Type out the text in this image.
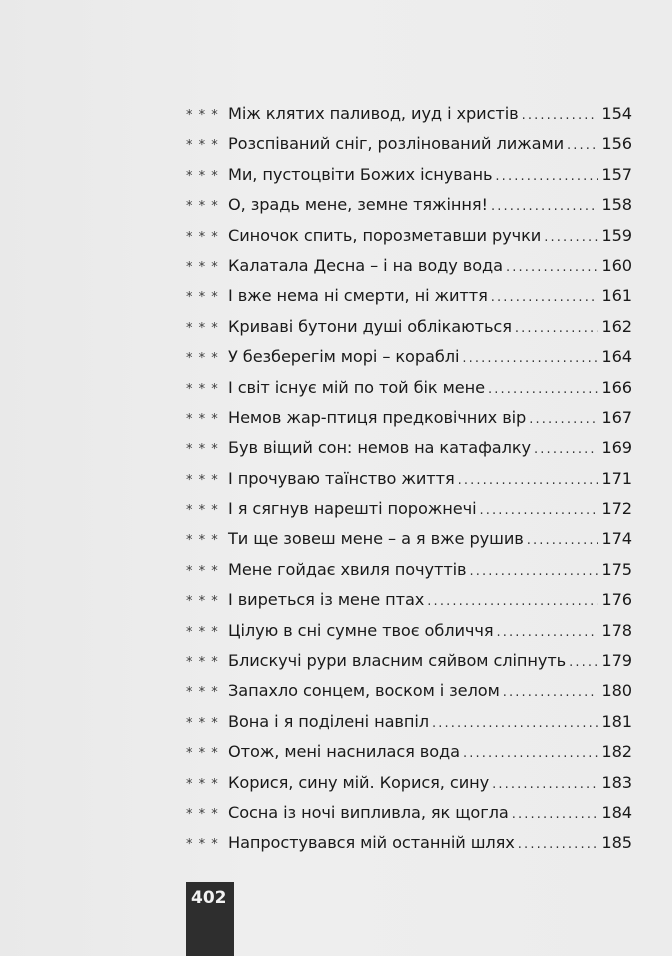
* * * Між клятих паливод, иуд і христів . . .	154
* * * Розспіваний сніг, розлінований лижами . . . 156
* * * Ми, пустоцвіти Божих існувань . . .	157
* * * О, зрадь мене, земне тяжіння! . . .	158
* * * Синочок спить, порозметавши ручки . . .	159
* * * Калатала Десна – і на воду вода . . .	160
* * * І вже нема ні смерти, ні життя . . .	161
* * * Криваві бутони душі облікаються . . .	162
* * * У безберегім морі – кораблі . . .	164
* * * І світ існує мій по той бік мене . . .	166
* * * Немов жар-птиця предковічних вір . . .	167
* * * Був віщий сон: немов на катафалку . . .	169
* * * І прочуваю таїнство життя . . .	171
* * * І я сягнув нарешті порожнечі . . .	172
* * * Ти ще зовеш мене – а я вже рушив . . .	174
* * * Мене гойдає хвиля почуттів . . .	175
* * * І виреться із мене птах . . .	176
* * * Цілую в сні сумне твоє обличчя . . .	178
* * * Блискучі рури власним сяйвом сліпнуть . . . 179
* * * Запахло сонцем, воском і зелом . . .	180
* * * Вона і я поділені навпіл . . .	181
* * * Отож, мені наснилася вода . . .	182
* * * Корися, сину мій. Корися, сину . . .	183
* * * Сосна із ночі випливла, як щогла . . .	184
* * * Напростувався мій останній шлях . . .	185
402
